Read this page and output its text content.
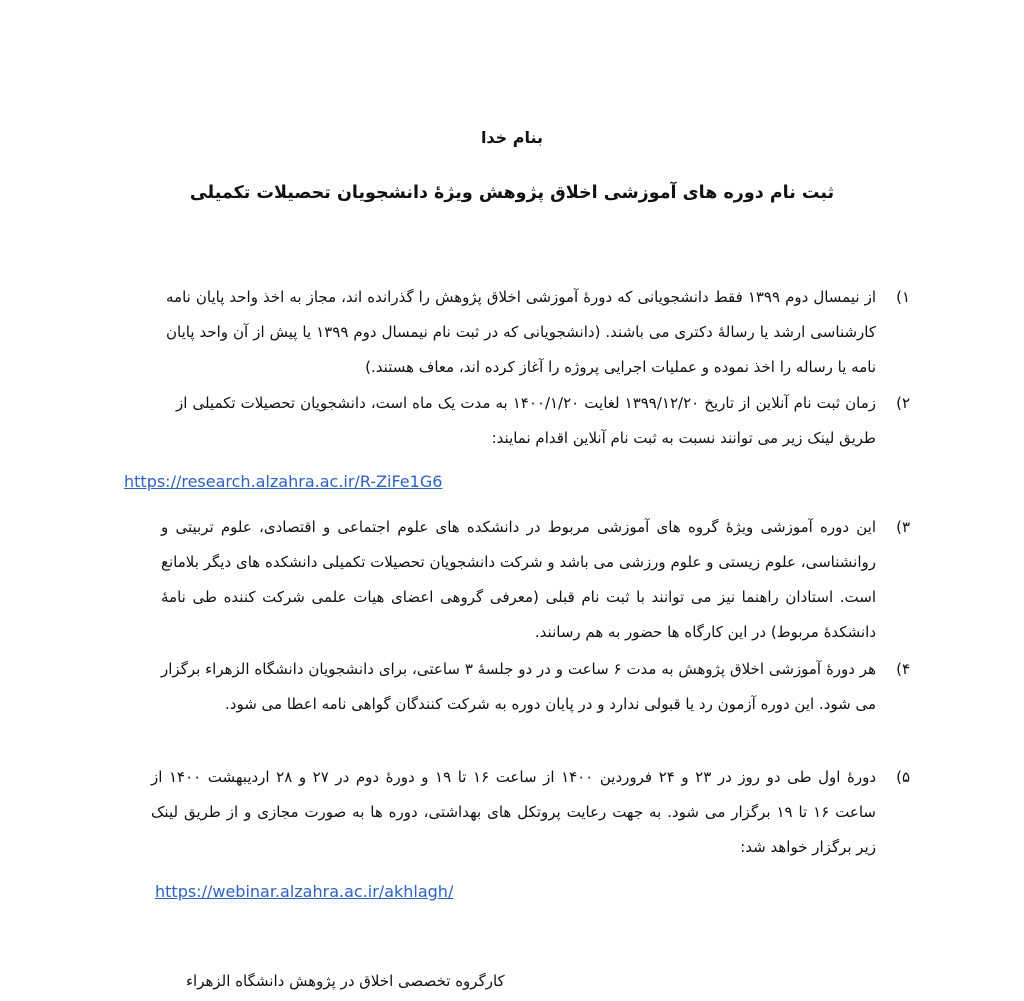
بنام خدا
ثبت نام دوره های آموزشی اخلاق پژوهش ویژۀ دانشجویان تحصیلات تکمیلی
۱)
از نیمسال دوم ۱۳۹۹ فقط دانشجویانی که دورۀ آموزشی اخلاق پژوهش را گذرانده اند، مجاز به اخذ واحد پایان نامه کارشناسی ارشد یا رسالۀ دکتری می باشند. (دانشجویانی که در ثبت نام نیمسال دوم ۱۳۹۹ یا پیش از آن واحد پایان نامه یا رساله را اخذ نموده و عملیات اجرایی پروژه را آغاز کرده اند، معاف هستند.)
۲)
زمان ثبت نام آنلاین از تاریخ ۱۳۹۹/۱۲/۲۰ لغایت ۱۴۰۰/۱/۲۰ به مدت یک ماه است، دانشجویان تحصیلات تکمیلی از طریق لینک زیر می توانند نسبت به ثبت نام آنلاین اقدام نمایند:
https://research.alzahra.ac.ir/R-ZiFe1G6
۳)
این دوره آموزشی ویژۀ گروه های آموزشی مربوط در دانشکده های علوم اجتماعی و اقتصادی، علوم تربیتی و روانشناسی، علوم زیستی و علوم ورزشی می باشد و شرکت دانشجویان تحصیلات تکمیلی دانشکده های دیگر بلامانع است. استادان راهنما نیز می توانند با ثبت نام قبلی (معرفی گروهی اعضای هیات علمی شرکت کننده طی نامۀ دانشکدۀ مربوط) در این کارگاه ها حضور به هم رسانند.
۴)
هر دورۀ آموزشی اخلاق پژوهش به مدت ۶ ساعت و در دو جلسۀ ۳ ساعتی، برای دانشجویان دانشگاه الزهراء برگزار می شود. این دوره آزمون رد یا قبولی ندارد و در پایان دوره به شرکت کنندگان گواهی نامه اعطا می شود.
۵)
دورۀ اول طی دو روز در ۲۳ و ۲۴ فروردین ۱۴۰۰ از ساعت ۱۶ تا ۱۹ و دورۀ دوم در ۲۷ و ۲۸ اردیبهشت ۱۴۰۰ از ساعت ۱۶ تا ۱۹ برگزار می شود. به جهت رعایت پروتکل های بهداشتی، دوره ها به صورت مجازی و از طریق لینک زیر برگزار خواهد شد:
https://webinar.alzahra.ac.ir/akhlagh/
کارگروه تخصصی اخلاق در پژوهش دانشگاه الزهراء
